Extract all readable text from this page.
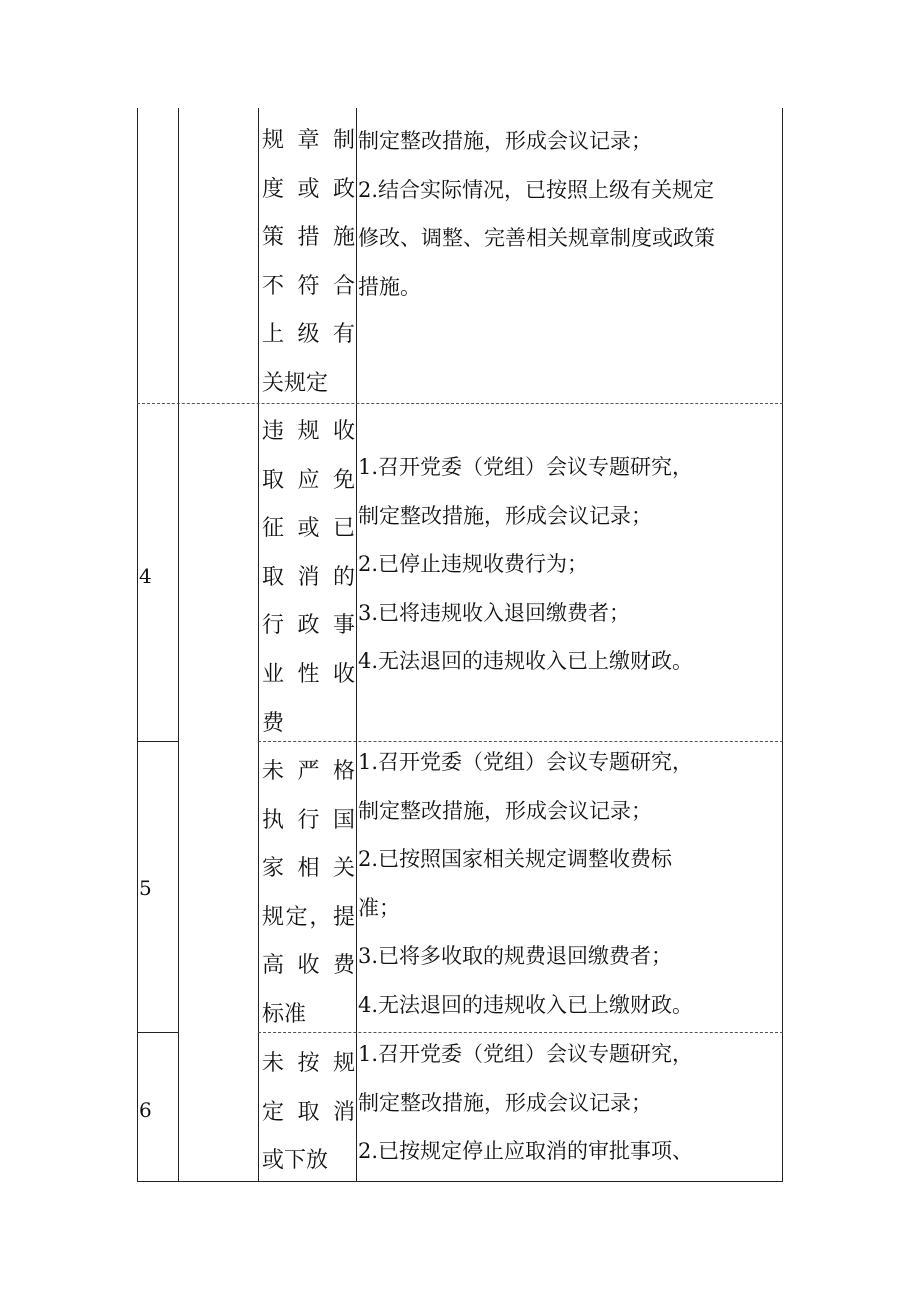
规章制
度或政
策措施
不符合
上级有
关规定
制定整改措施，形成会议记录；
2.结合实际情况，已按照上级有关规定
修改、调整、完善相关规章制度或政策
措施。
4
违规收
取应免
征或已
取消的
行政事
业性收
费
1.召开党委（党组）会议专题研究，
制定整改措施，形成会议记录；
2.已停止违规收费行为；
3.已将违规收入退回缴费者；
4.无法退回的违规收入已上缴财政。
5
未严格
执行国
家相关
规定，提
高收费
标准
1.召开党委（党组）会议专题研究，
制定整改措施，形成会议记录；
2.已按照国家相关规定调整收费标
准；
3.已将多收取的规费退回缴费者；
4.无法退回的违规收入已上缴财政。
6
未按规
定取消
或下放
1.召开党委（党组）会议专题研究，
制定整改措施，形成会议记录；
2.已按规定停止应取消的审批事项、
